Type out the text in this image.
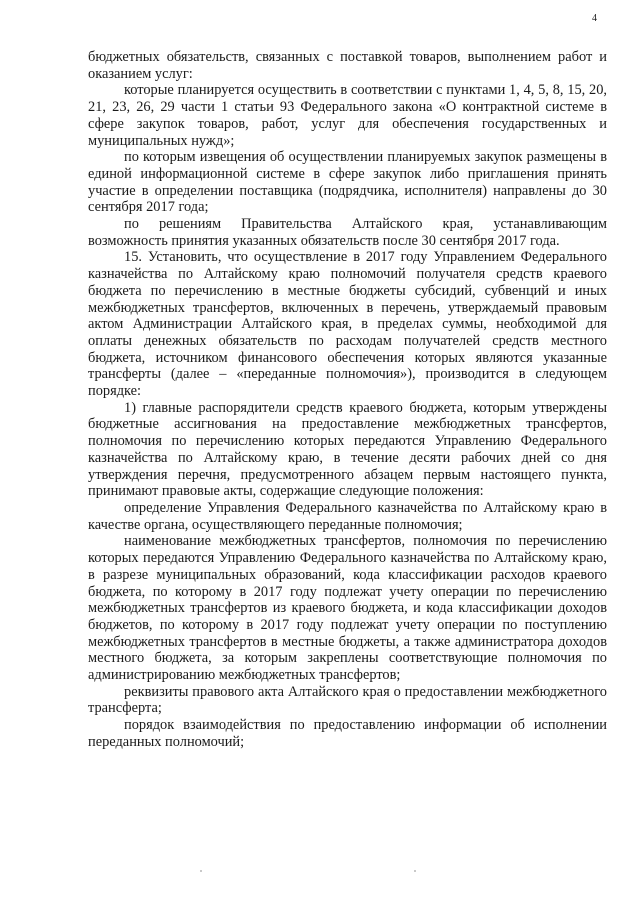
4

бюджетных обязательств, связанных с поставкой товаров, выполнением работ и оказанием услуг:

которые планируется осуществить в соответствии с пунктами 1, 4, 5, 8, 15, 20, 21, 23, 26, 29 части 1 статьи 93 Федерального закона «О контрактной системе в сфере закупок товаров, работ, услуг для обеспечения государственных и муниципальных нужд»;

по которым извещения об осуществлении планируемых закупок размещены в единой информационной системе в сфере закупок либо приглашения принять участие в определении поставщика (подрядчика, исполнителя) направлены до 30 сентября 2017 года;

по решениям Правительства Алтайского края, устанавливающим возможность принятия указанных обязательств после 30 сентября 2017 года.

15. Установить, что осуществление в 2017 году Управлением Федерального казначейства по Алтайскому краю полномочий получателя средств краевого бюджета по перечислению в местные бюджеты субсидий, субвенций и иных межбюджетных трансфертов, включенных в перечень, утверждаемый правовым актом Администрации Алтайского края, в пределах суммы, необходимой для оплаты денежных обязательств по расходам получателей средств местного бюджета, источником финансового обеспечения которых являются указанные трансферты (далее – «переданные полномочия»), производится в следующем порядке:

1) главные распорядители средств краевого бюджета, которым утверждены бюджетные ассигнования на предоставление межбюджетных трансфертов, полномочия по перечислению которых передаются Управлению Федерального казначейства по Алтайскому краю, в течение десяти рабочих дней со дня утверждения перечня, предусмотренного абзацем первым настоящего пункта, принимают правовые акты, содержащие следующие положения:

определение Управления Федерального казначейства по Алтайскому краю в качестве органа, осуществляющего переданные полномочия;

наименование межбюджетных трансфертов, полномочия по перечислению которых передаются Управлению Федерального казначейства по Алтайскому краю, в разрезе муниципальных образований, кода классификации расходов краевого бюджета, по которому в 2017 году подлежат учету операции по перечислению межбюджетных трансфертов из краевого бюджета, и кода классификации доходов бюджетов, по которому в 2017 году подлежат учету операции по поступлению межбюджетных трансфертов в местные бюджеты, а также администратора доходов местного бюджета, за которым закреплены соответствующие полномочия по администрированию межбюджетных трансфертов;

реквизиты правового акта Алтайского края о предоставлении межбюджетного трансферта;

порядок взаимодействия по предоставлению информации об исполнении переданных полномочий;
